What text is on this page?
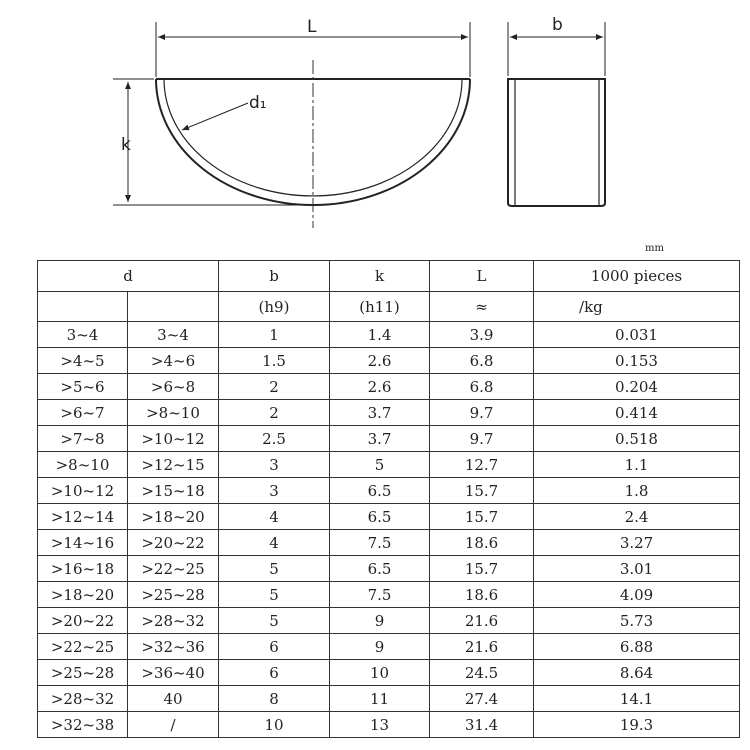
L
k
d₁
b
mm
d		b	k	L	1000 pieces
		(h9)	(h11)	≈	/kg
3~4	3~4	1	1.4	3.9	0.031
>4~5	>4~6	1.5	2.6	6.8	0.153
>5~6	>6~8	2	2.6	6.8	0.204
>6~7	>8~10	2	3.7	9.7	0.414
>7~8	>10~12	2.5	3.7	9.7	0.518
>8~10	>12~15	3	5	12.7	1.1
>10~12	>15~18	3	6.5	15.7	1.8
>12~14	>18~20	4	6.5	15.7	2.4
>14~16	>20~22	4	7.5	18.6	3.27
>16~18	>22~25	5	6.5	15.7	3.01
>18~20	>25~28	5	7.5	18.6	4.09
>20~22	>28~32	5	9	21.6	5.73
>22~25	>32~36	6	9	21.6	6.88
>25~28	>36~40	6	10	24.5	8.64
>28~32	40	8	11	27.4	14.1
>32~38	/	10	13	31.4	19.3
